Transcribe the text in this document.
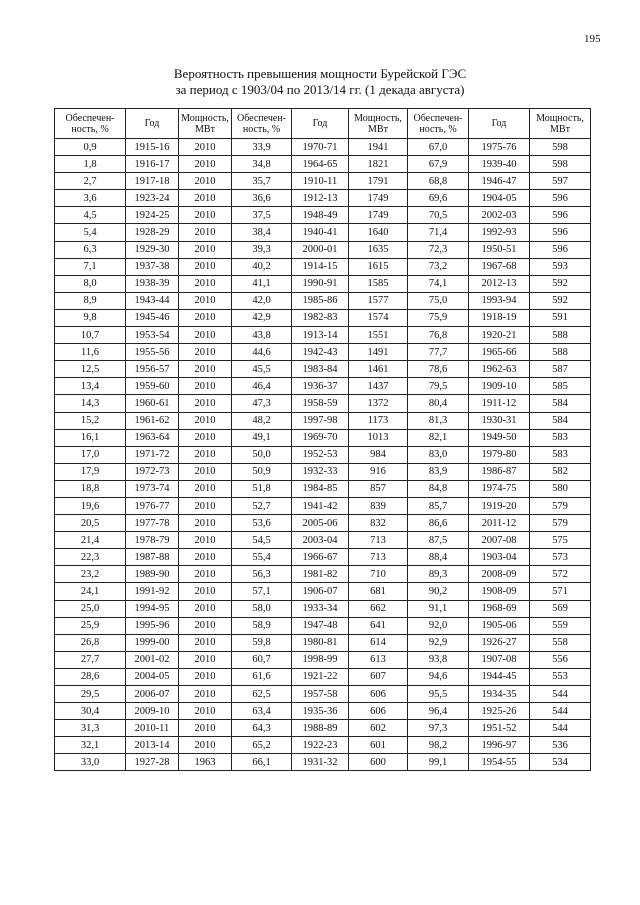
195
Вероятность превышения мощности Бурейской ГЭС
за период с 1903/04 по 2013/14 гг. (1 декада августа)
Обеспечен-ность, %	Год	Мощность, МВт	Обеспечен-ность, %	Год	Мощность, МВт	Обеспечен-ность, %	Год	Мощность, МВт
0,9	1915-16	2010	33,9	1970-71	1941	67,0	1975-76	598
1,8	1916-17	2010	34,8	1964-65	1821	67,9	1939-40	598
2,7	1917-18	2010	35,7	1910-11	1791	68,8	1946-47	597
3,6	1923-24	2010	36,6	1912-13	1749	69,6	1904-05	596
4,5	1924-25	2010	37,5	1948-49	1749	70,5	2002-03	596
5,4	1928-29	2010	38,4	1940-41	1640	71,4	1992-93	596
6,3	1929-30	2010	39,3	2000-01	1635	72,3	1950-51	596
7,1	1937-38	2010	40,2	1914-15	1615	73,2	1967-68	593
8,0	1938-39	2010	41,1	1990-91	1585	74,1	2012-13	592
8,9	1943-44	2010	42,0	1985-86	1577	75,0	1993-94	592
9,8	1945-46	2010	42,9	1982-83	1574	75,9	1918-19	591
10,7	1953-54	2010	43,8	1913-14	1551	76,8	1920-21	588
11,6	1955-56	2010	44,6	1942-43	1491	77,7	1965-66	588
12,5	1956-57	2010	45,5	1983-84	1461	78,6	1962-63	587
13,4	1959-60	2010	46,4	1936-37	1437	79,5	1909-10	585
14,3	1960-61	2010	47,3	1958-59	1372	80,4	1911-12	584
15,2	1961-62	2010	48,2	1997-98	1173	81,3	1930-31	584
16,1	1963-64	2010	49,1	1969-70	1013	82,1	1949-50	583
17,0	1971-72	2010	50,0	1952-53	984	83,0	1979-80	583
17,9	1972-73	2010	50,9	1932-33	916	83,9	1986-87	582
18,8	1973-74	2010	51,8	1984-85	857	84,8	1974-75	580
19,6	1976-77	2010	52,7	1941-42	839	85,7	1919-20	579
20,5	1977-78	2010	53,6	2005-06	832	86,6	2011-12	579
21,4	1978-79	2010	54,5	2003-04	713	87,5	2007-08	575
22,3	1987-88	2010	55,4	1966-67	713	88,4	1903-04	573
23,2	1989-90	2010	56,3	1981-82	710	89,3	2008-09	572
24,1	1991-92	2010	57,1	1906-07	681	90,2	1908-09	571
25,0	1994-95	2010	58,0	1933-34	662	91,1	1968-69	569
25,9	1995-96	2010	58,9	1947-48	641	92,0	1905-06	559
26,8	1999-00	2010	59,8	1980-81	614	92,9	1926-27	558
27,7	2001-02	2010	60,7	1998-99	613	93,8	1907-08	556
28,6	2004-05	2010	61,6	1921-22	607	94,6	1944-45	553
29,5	2006-07	2010	62,5	1957-58	606	95,5	1934-35	544
30,4	2009-10	2010	63,4	1935-36	606	96,4	1925-26	544
31,3	2010-11	2010	64,3	1988-89	602	97,3	1951-52	544
32,1	2013-14	2010	65,2	1922-23	601	98,2	1996-97	536
33,0	1927-28	1963	66,1	1931-32	600	99,1	1954-55	534
